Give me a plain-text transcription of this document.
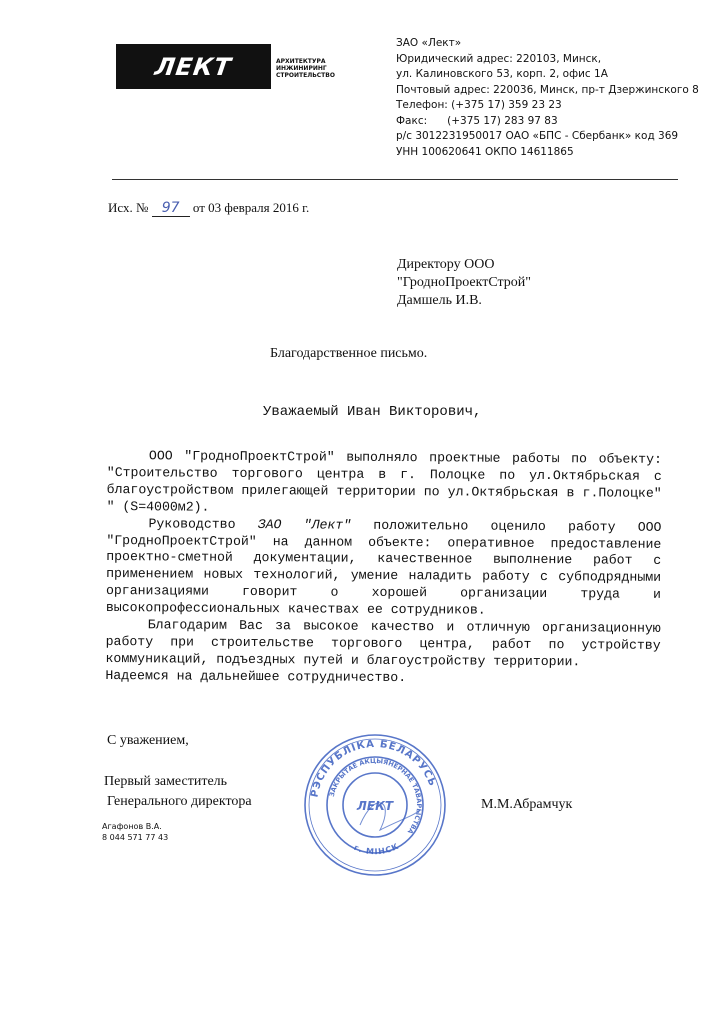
ЛЕКТ	АРХИТЕКТУРА
ИНЖИНИРИНГ
СТРОИТЕЛЬСТВО
ЗАО «Лект»
Юридический адрес: 220103, Минск,
ул. Калиновского 53, корп. 2, офис 1А
Почтовый адрес: 220036, Минск, пр-т Дзержинского 8
Телефон: (+375 17) 359 23 23
Факс: (+375 17) 283 97 83
р/с 3012231950017 ОАО «БПС - Сбербанк» код 369
УНН 100620641 ОКПО 14611865
Исх. № 97 от 03 февраля 2016 г.
Директору ООО
"ГродноПроектСтрой"
Дамшель И.В.
Благодарственное письмо.
Уважаемый Иван Викторович,

ООО "ГродноПроектСтрой" выполняло проектные работы по объекту: "Строительство торгового центра в г. Полоцке по ул.Октябрьская с благоустройством прилегающей территории по ул.Октябрьская в г.Полоцке" " (S=4000м2).

Руководство ЗАО "Лект" положительно оценило работу ООО "ГродноПроектСтрой" на данном объекте: оперативное предоставление проектно-сметной документации, качественное выполнение работ с применением новых технологий, умение наладить работу с субподрядными организациями говорит о хорошей организации труда и высокопрофессиональных качествах ее сотрудников.

Благодарим Вас за высокое качество и отличную организационную работу при строительстве торгового центра, работ по устройству коммуникаций, подъездных путей и благоустройству территории.

Надеемся на дальнейшее сотрудничество.

С уважением,
Первый заместитель
Генерального директора	М.М.Абрамчук
Агафонов В.А.
8 044 571 77 43
РЭСПУБЛІКА БЕЛАРУСЬ
ЗАКРЫТАЕ АКЦЫЯНЕРНАЕ ТАВАРЫСТВА
г. МІНСК
ЛЕКТ
